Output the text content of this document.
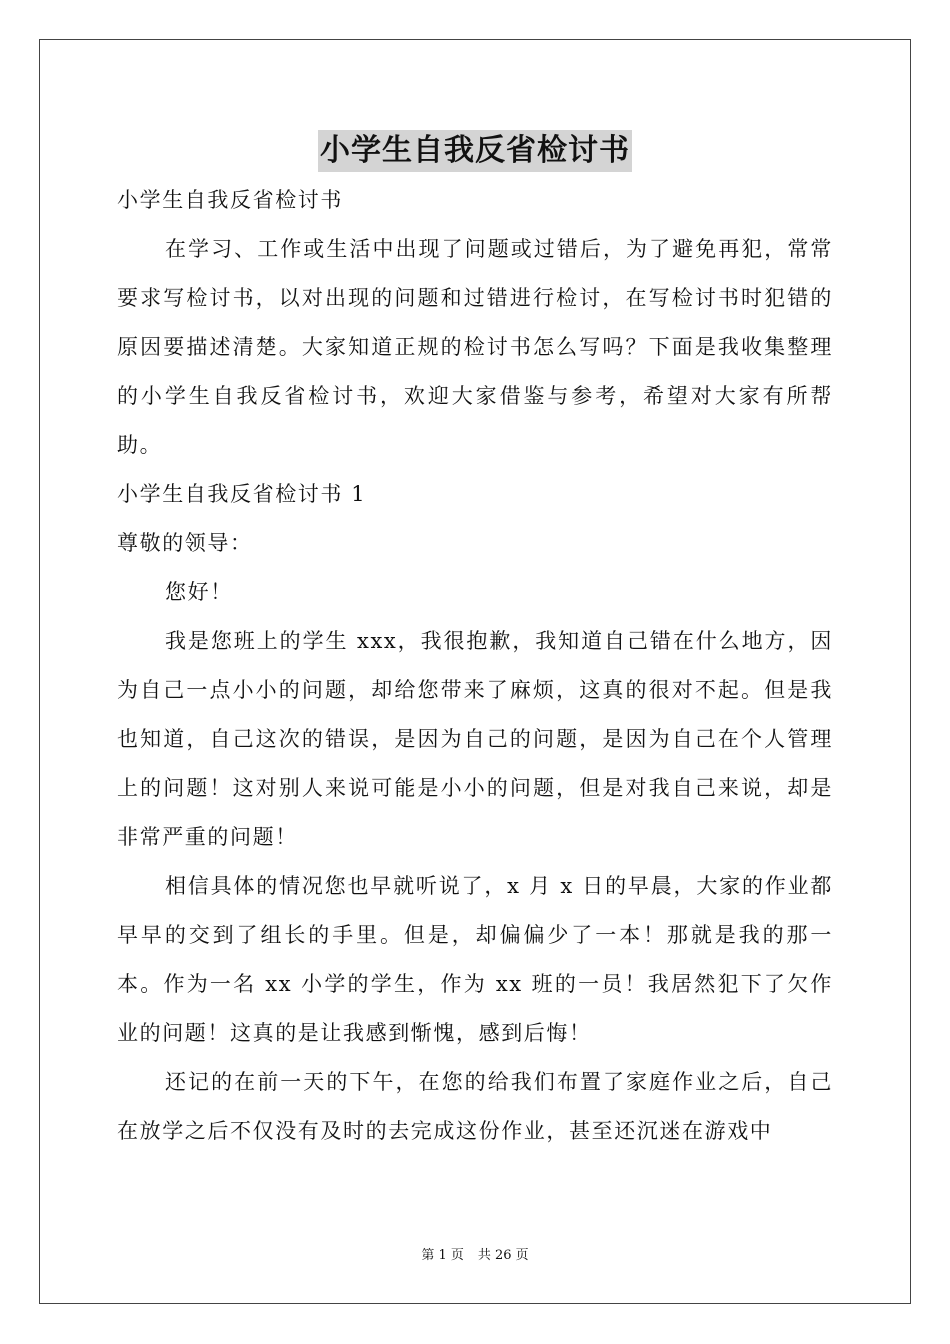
小学生自我反省检讨书

小学生自我反省检讨书

在学习、工作或生活中出现了问题或过错后，为了避免再犯，常常要求写检讨书，以对出现的问题和过错进行检讨，在写检讨书时犯错的原因要描述清楚。大家知道正规的检讨书怎么写吗？下面是我收集整理的小学生自我反省检讨书，欢迎大家借鉴与参考，希望对大家有所帮助。

小学生自我反省检讨书 1

尊敬的领导：

您好！

我是您班上的学生 xxx，我很抱歉，我知道自己错在什么地方，因为自己一点小小的问题，却给您带来了麻烦，这真的很对不起。但是我也知道，自己这次的错误，是因为自己的问题，是因为自己在个人管理上的问题！这对别人来说可能是小小的问题，但是对我自己来说，却是非常严重的问题！

相信具体的情况您也早就听说了，x 月 x 日的早晨，大家的作业都早早的交到了组长的手里。但是，却偏偏少了一本！那就是我的那一本。作为一名 xx 小学的学生，作为 xx 班的一员！我居然犯下了欠作业的问题！这真的是让我感到惭愧，感到后悔！

还记的在前一天的下午，在您的给我们布置了家庭作业之后，自己在放学之后不仅没有及时的去完成这份作业，甚至还沉迷在游戏中

第 1 页 共 26 页
